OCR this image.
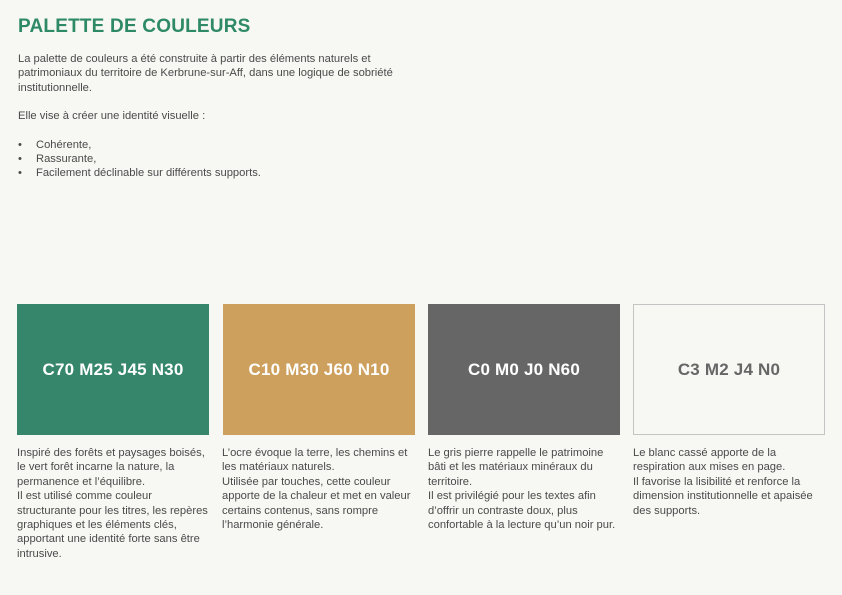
PALETTE DE COULEURS

La palette de couleurs a été construite à partir des éléments naturels et patrimoniaux du territoire de Kerbrune-sur-Aff, dans une logique de sobriété institutionnelle.

Elle vise à créer une identité visuelle :

• Cohérente,
• Rassurante,
• Facilement déclinable sur différents supports.
C70 M25 J45 N30

Inspiré des forêts et paysages boisés, le vert forêt incarne la nature, la permanence et l’équilibre.

Il est utilisé comme couleur structurante pour les titres, les repères graphiques et les éléments clés, apportant une identité forte sans être intrusive.

C10 M30 J60 N10

L’ocre évoque la terre, les chemins et les matériaux naturels.

Utilisée par touches, cette couleur apporte de la chaleur et met en valeur certains contenus, sans rompre l’harmonie générale.

C0 M0 J0 N60

Le gris pierre rappelle le patrimoine bâti et les matériaux minéraux du territoire.

Il est privilégié pour les textes afin d’offrir un contraste doux, plus confortable à la lecture qu’un noir pur.

C3 M2 J4 N0

Le blanc cassé apporte de la respiration aux mises en page.

Il favorise la lisibilité et renforce la dimension institutionnelle et apaisée des supports.
